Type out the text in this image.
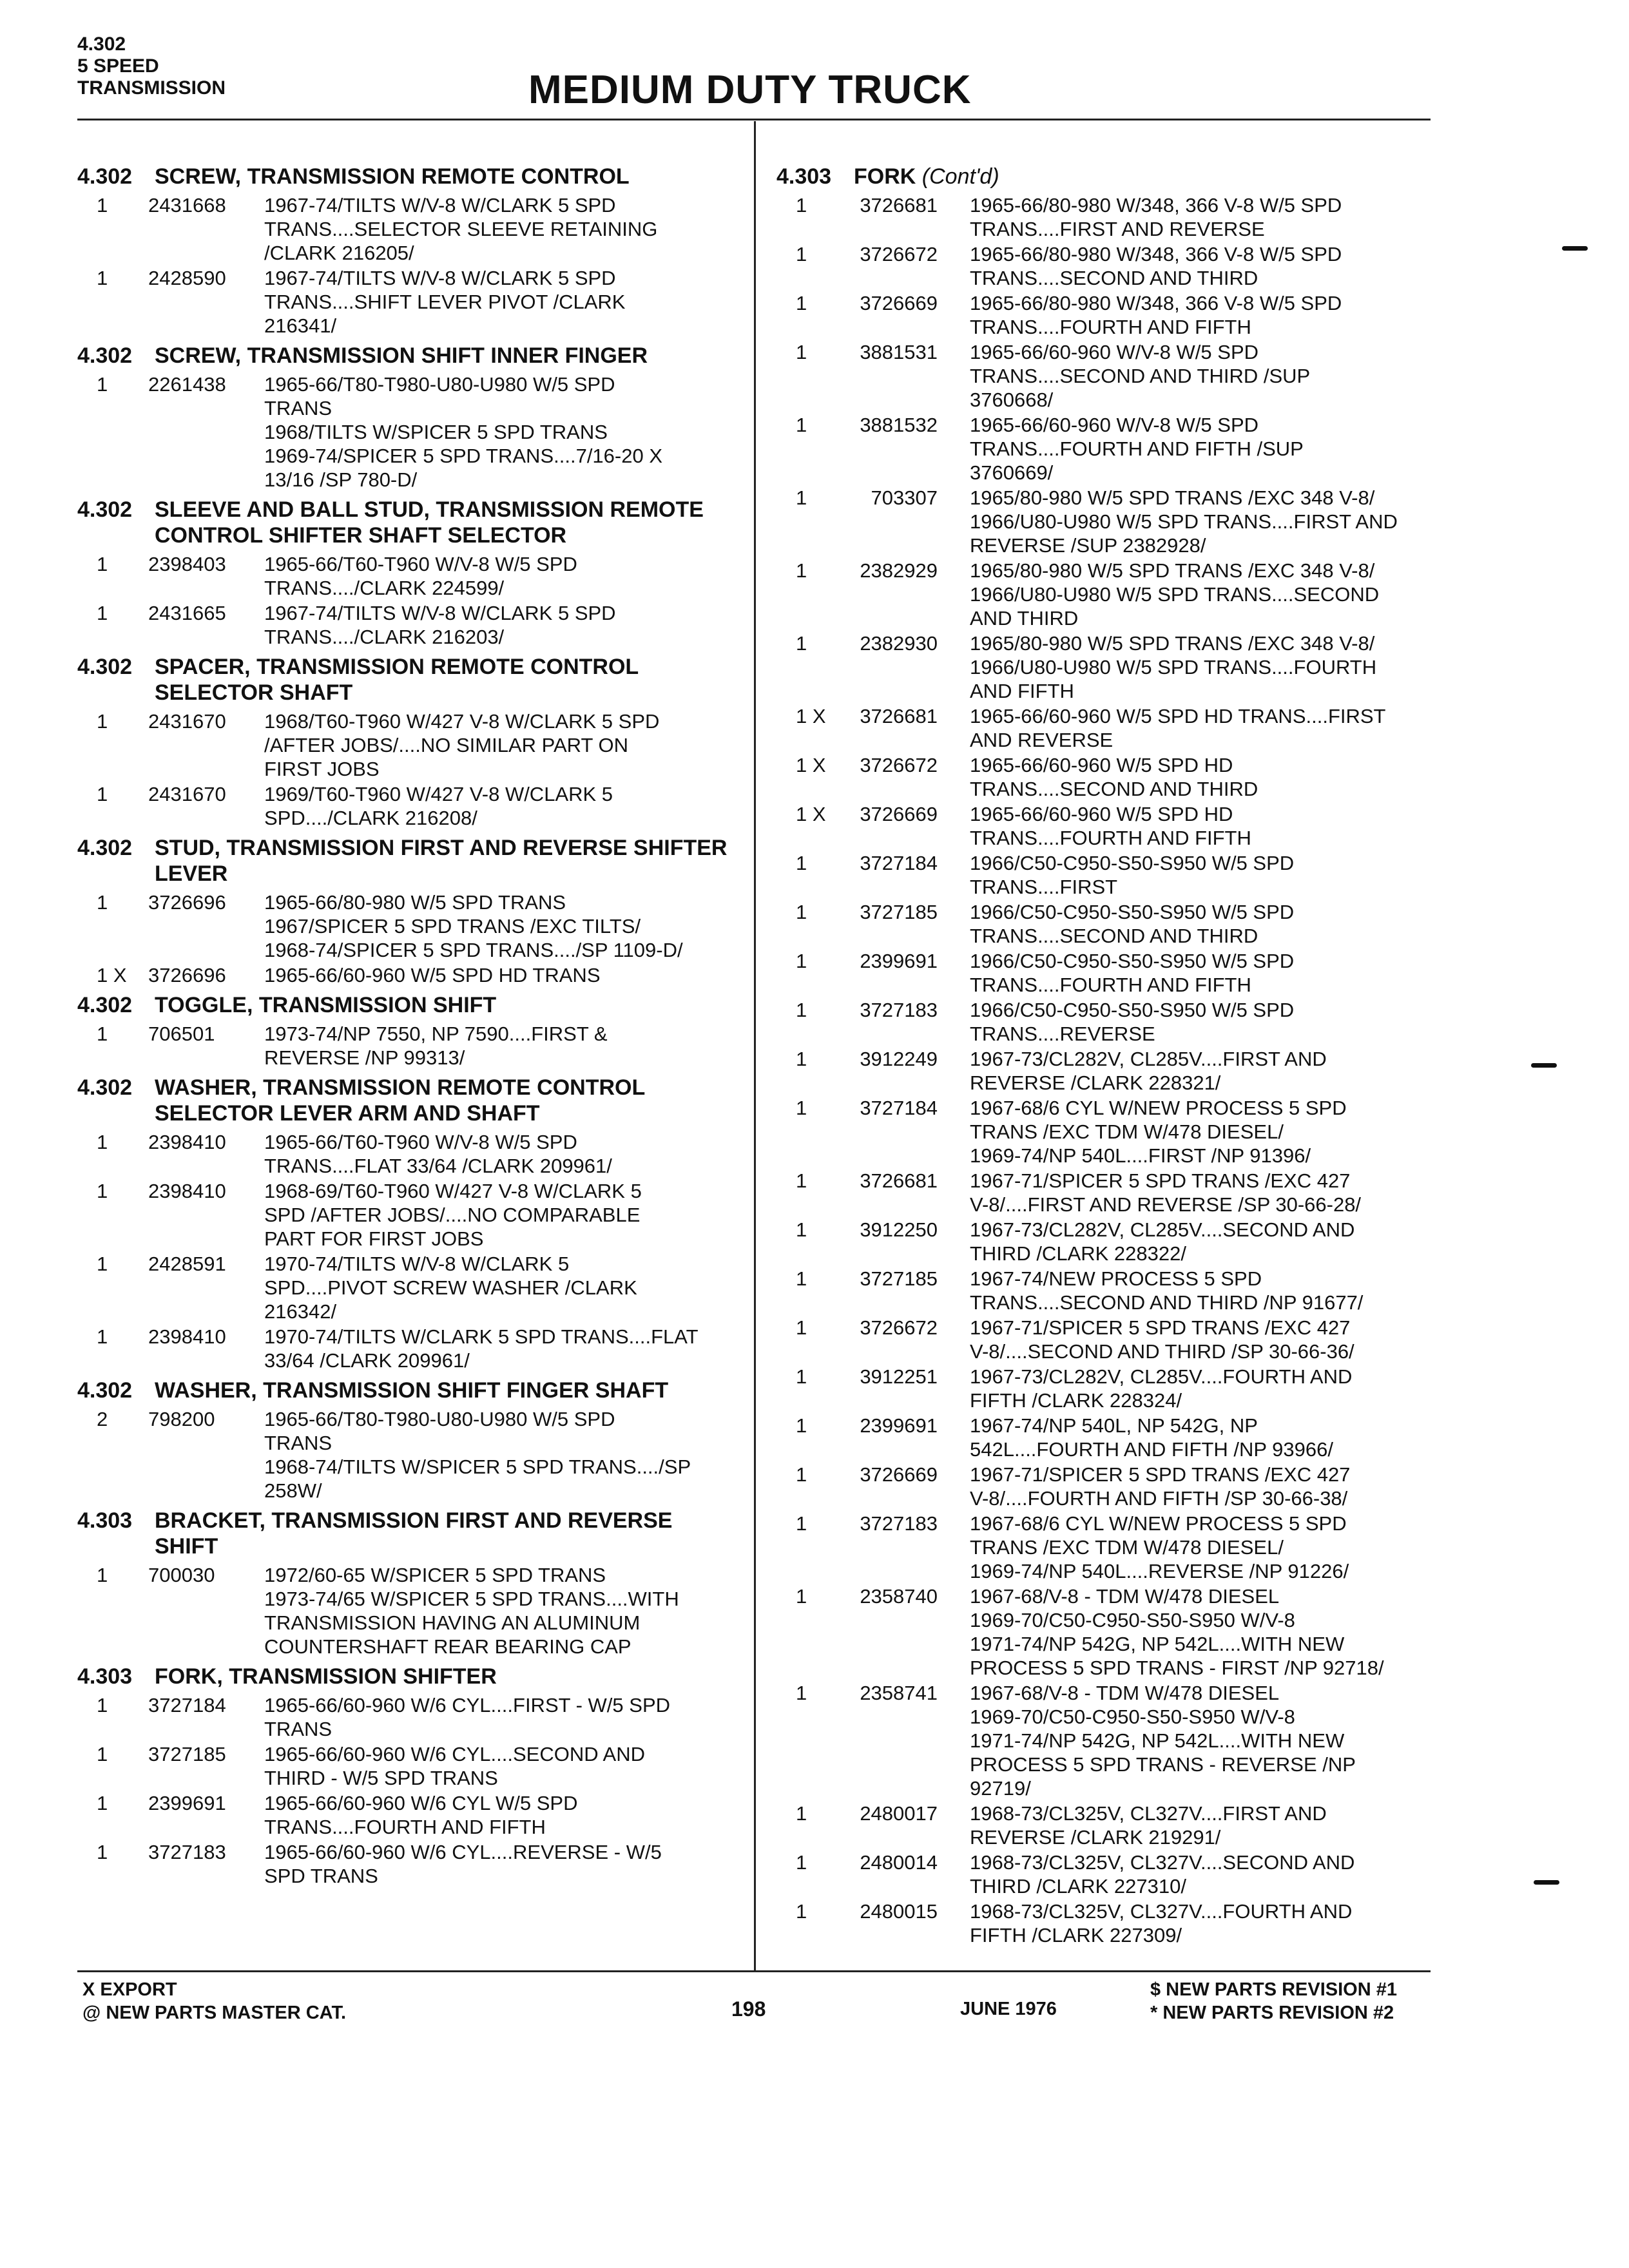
4.302
5 SPEED
TRANSMISSION	MEDIUM DUTY TRUCK
4.302 SCREW, TRANSMISSION REMOTE CONTROL
1	2431668	1967-74/TILTS W/V-8 W/CLARK 5 SPD
TRANS....SELECTOR SLEEVE RETAINING
/CLARK 216205/
1	2428590	1967-74/TILTS W/V-8 W/CLARK 5 SPD
TRANS....SHIFT LEVER PIVOT /CLARK
216341/
4.302 SCREW, TRANSMISSION SHIFT INNER FINGER
1	2261438	1965-66/T80-T980-U80-U980 W/5 SPD
TRANS
1968/TILTS W/SPICER 5 SPD TRANS
1969-74/SPICER 5 SPD TRANS....7/16-20 X
13/16 /SP 780-D/
4.302 SLEEVE AND BALL STUD, TRANSMISSION REMOTE CONTROL SHIFTER SHAFT SELECTOR
1	2398403	1965-66/T60-T960 W/V-8 W/5 SPD
TRANS..../CLARK 224599/
1	2431665	1967-74/TILTS W/V-8 W/CLARK 5 SPD
TRANS..../CLARK 216203/
4.302 SPACER, TRANSMISSION REMOTE CONTROL SELECTOR SHAFT
1	2431670	1968/T60-T960 W/427 V-8 W/CLARK 5 SPD
/AFTER JOBS/....NO SIMILAR PART ON
FIRST JOBS
1	2431670	1969/T60-T960 W/427 V-8 W/CLARK 5
SPD..../CLARK 216208/
4.302 STUD, TRANSMISSION FIRST AND REVERSE SHIFTER LEVER
1	3726696	1965-66/80-980 W/5 SPD TRANS
1967/SPICER 5 SPD TRANS /EXC TILTS/
1968-74/SPICER 5 SPD TRANS..../SP 1109-D/
1 X	3726696	1965-66/60-960 W/5 SPD HD TRANS
4.302 TOGGLE, TRANSMISSION SHIFT
1	706501	1973-74/NP 7550, NP 7590....FIRST &
REVERSE /NP 99313/
4.302 WASHER, TRANSMISSION REMOTE CONTROL SELECTOR LEVER ARM AND SHAFT
1	2398410	1965-66/T60-T960 W/V-8 W/5 SPD
TRANS....FLAT 33/64 /CLARK 209961/
1	2398410	1968-69/T60-T960 W/427 V-8 W/CLARK 5
SPD /AFTER JOBS/....NO COMPARABLE
PART FOR FIRST JOBS
1	2428591	1970-74/TILTS W/V-8 W/CLARK 5
SPD....PIVOT SCREW WASHER /CLARK
216342/
1	2398410	1970-74/TILTS W/CLARK 5 SPD TRANS....FLAT
33/64 /CLARK 209961/
4.302 WASHER, TRANSMISSION SHIFT FINGER SHAFT
2	798200	1965-66/T80-T980-U80-U980 W/5 SPD
TRANS
1968-74/TILTS W/SPICER 5 SPD TRANS..../SP
258W/
4.303 BRACKET, TRANSMISSION FIRST AND REVERSE SHIFT
1	700030	1972/60-65 W/SPICER 5 SPD TRANS
1973-74/65 W/SPICER 5 SPD TRANS....WITH
TRANSMISSION HAVING AN ALUMINUM
COUNTERSHAFT REAR BEARING CAP
4.303 FORK, TRANSMISSION SHIFTER
1	3727184	1965-66/60-960 W/6 CYL....FIRST - W/5 SPD
TRANS
1	3727185	1965-66/60-960 W/6 CYL....SECOND AND
THIRD - W/5 SPD TRANS
1	2399691	1965-66/60-960 W/6 CYL W/5 SPD
TRANS....FOURTH AND FIFTH
1	3727183	1965-66/60-960 W/6 CYL....REVERSE - W/5
SPD TRANS
4.303 FORK (Cont'd)
1	3726681	1965-66/80-980 W/348, 366 V-8 W/5 SPD
TRANS....FIRST AND REVERSE
1	3726672	1965-66/80-980 W/348, 366 V-8 W/5 SPD
TRANS....SECOND AND THIRD
1	3726669	1965-66/80-980 W/348, 366 V-8 W/5 SPD
TRANS....FOURTH AND FIFTH
1	3881531	1965-66/60-960 W/V-8 W/5 SPD
TRANS....SECOND AND THIRD /SUP
3760668/
1	3881532	1965-66/60-960 W/V-8 W/5 SPD
TRANS....FOURTH AND FIFTH /SUP
3760669/
1	703307	1965/80-980 W/5 SPD TRANS /EXC 348 V-8/
1966/U80-U980 W/5 SPD TRANS....FIRST AND
REVERSE /SUP 2382928/
1	2382929	1965/80-980 W/5 SPD TRANS /EXC 348 V-8/
1966/U80-U980 W/5 SPD TRANS....SECOND
AND THIRD
1	2382930	1965/80-980 W/5 SPD TRANS /EXC 348 V-8/
1966/U80-U980 W/5 SPD TRANS....FOURTH
AND FIFTH
1 X	3726681	1965-66/60-960 W/5 SPD HD TRANS....FIRST
AND REVERSE
1 X	3726672	1965-66/60-960 W/5 SPD HD
TRANS....SECOND AND THIRD
1 X	3726669	1965-66/60-960 W/5 SPD HD
TRANS....FOURTH AND FIFTH
1	3727184	1966/C50-C950-S50-S950 W/5 SPD
TRANS....FIRST
1	3727185	1966/C50-C950-S50-S950 W/5 SPD
TRANS....SECOND AND THIRD
1	2399691	1966/C50-C950-S50-S950 W/5 SPD
TRANS....FOURTH AND FIFTH
1	3727183	1966/C50-C950-S50-S950 W/5 SPD
TRANS....REVERSE
1	3912249	1967-73/CL282V, CL285V....FIRST AND
REVERSE /CLARK 228321/
1	3727184	1967-68/6 CYL W/NEW PROCESS 5 SPD
TRANS /EXC TDM W/478 DIESEL/
1969-74/NP 540L....FIRST /NP 91396/
1	3726681	1967-71/SPICER 5 SPD TRANS /EXC 427
V-8/....FIRST AND REVERSE /SP 30-66-28/
1	3912250	1967-73/CL282V, CL285V....SECOND AND
THIRD /CLARK 228322/
1	3727185	1967-74/NEW PROCESS 5 SPD
TRANS....SECOND AND THIRD /NP 91677/
1	3726672	1967-71/SPICER 5 SPD TRANS /EXC 427
V-8/....SECOND AND THIRD /SP 30-66-36/
1	3912251	1967-73/CL282V, CL285V....FOURTH AND
FIFTH /CLARK 228324/
1	2399691	1967-74/NP 540L, NP 542G, NP
542L....FOURTH AND FIFTH /NP 93966/
1	3726669	1967-71/SPICER 5 SPD TRANS /EXC 427
V-8/....FOURTH AND FIFTH /SP 30-66-38/
1	3727183	1967-68/6 CYL W/NEW PROCESS 5 SPD
TRANS /EXC TDM W/478 DIESEL/
1969-74/NP 540L....REVERSE /NP 91226/
1	2358740	1967-68/V-8 - TDM W/478 DIESEL
1969-70/C50-C950-S50-S950 W/V-8
1971-74/NP 542G, NP 542L....WITH NEW
PROCESS 5 SPD TRANS - FIRST /NP 92718/
1	2358741	1967-68/V-8 - TDM W/478 DIESEL
1969-70/C50-C950-S50-S950 W/V-8
1971-74/NP 542G, NP 542L....WITH NEW
PROCESS 5 SPD TRANS - REVERSE /NP
92719/
1	2480017	1968-73/CL325V, CL327V....FIRST AND
REVERSE /CLARK 219291/
1	2480014	1968-73/CL325V, CL327V....SECOND AND
THIRD /CLARK 227310/
1	2480015	1968-73/CL325V, CL327V....FOURTH AND
FIFTH /CLARK 227309/
X EXPORT
@ NEW PARTS MASTER CAT.	198	JUNE 1976
$ NEW PARTS REVISION #1
* NEW PARTS REVISION #2
